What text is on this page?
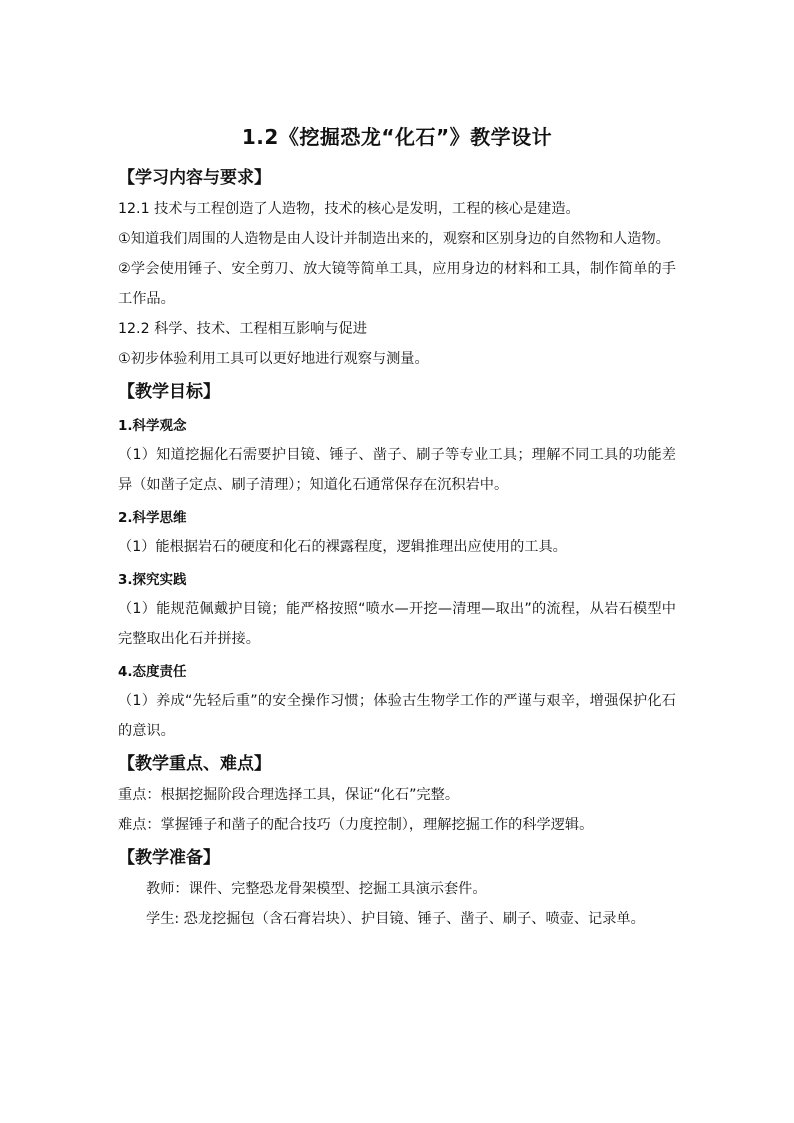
1.2《挖掘恐龙“化石”》教学设计
【学习内容与要求】
12.1 技术与工程创造了人造物，技术的核心是发明，工程的核心是建造。
①知道我们周围的人造物是由人设计并制造出来的，观察和区别身边的自然物和人造物。
②学会使用锤子、安全剪刀、放大镜等简单工具，应用身边的材料和工具，制作简单的手工作品。
12.2 科学、技术、工程相互影响与促进
①初步体验利用工具可以更好地进行观察与测量。
【教学目标】
1.科学观念
（1）知道挖掘化石需要护目镜、锤子、凿子、刷子等专业工具；理解不同工具的功能差异（如凿子定点、刷子清理）；知道化石通常保存在沉积岩中。
2.科学思维
（1）能根据岩石的硬度和化石的裸露程度，逻辑推理出应使用的工具。
3.探究实践
（1）能规范佩戴护目镜；能严格按照“喷水—开挖—清理—取出”的流程，从岩石模型中完整取出化石并拼接。
4.态度责任
（1）养成“先轻后重”的安全操作习惯；体验古生物学工作的严谨与艰辛，增强保护化石的意识。
【教学重点、难点】
重点：根据挖掘阶段合理选择工具，保证“化石”完整。
难点：掌握锤子和凿子的配合技巧（力度控制），理解挖掘工作的科学逻辑。
【教学准备】
教师：课件、完整恐龙骨架模型、挖掘工具演示套件。
学生: 恐龙挖掘包（含石膏岩块）、护目镜、锤子、凿子、刷子、喷壶、记录单。
